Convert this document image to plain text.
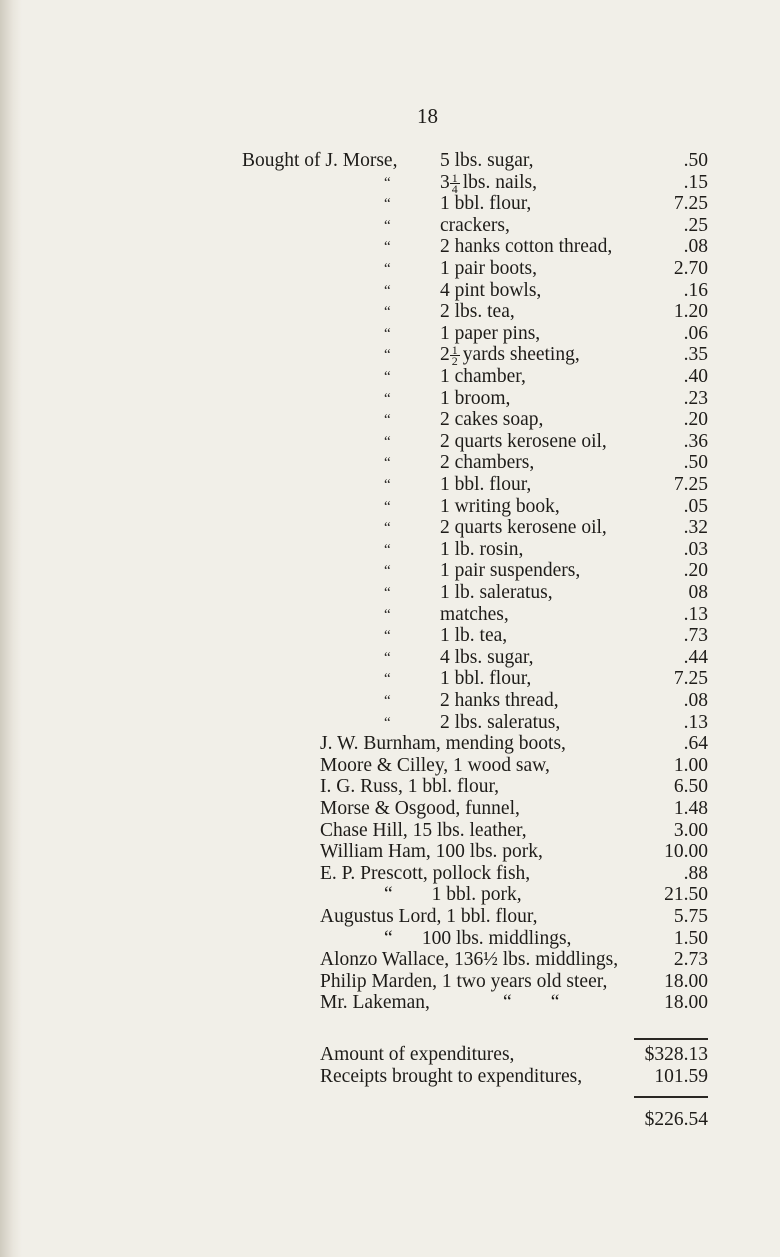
18
Amount of expenditures,	$328.13
Receipts brought to expenditures,	101.59
$226.54
Bought of J. Morse, 5 lbs. sugar,	.50
“	$3 \frac{1}{4}$ lbs. nails,	.15
“	1 bbl. flour,	7.25
“	crackers,	.25
“	2 hanks cotton thread,	.08
“	1 pair boots,	2.70
“	4 pint bowls,	.16
“	2 lbs. tea,	1.20
“	1 paper pins,	.06
“	$2 \frac{1}{2}$ yards sheeting,	.35
“	1 chamber,	.40
“	1 broom,	.23
“	2 cakes soap,	.20
“	2 quarts kerosene oil,	.36
“	2 chambers,	.50
“	1 bbl. flour,	7.25
“	1 writing book,	.05
“	2 quarts kerosene oil,	.32
“	1 lb. rosin,	.03
“	1 pair suspenders,	.20
“	1 lb. saleratus,	08
“	matches,	.13
“	1 lb. tea,	.73
“	4 lbs. sugar,	.44
“	1 bbl. flour,	7.25
“	2 hanks thread,	.08
“	2 lbs. saleratus,	.13
J. W. Burnham, mending boots,	.64
Moore & Cilley, 1 wood saw,	1.00
I. G. Russ, 1 bbl. flour,	6.50
Morse & Osgood, funnel,	1.48
Chase Hill, 15 lbs. leather,	3.00
William Ham, 100 lbs. pork,	10.00
E. P. Prescott, pollock fish,	.88
“        1 bbl. pork,	21.50
Augustus Lord, 1 bbl. flour,	5.75
“      100 lbs. middlings,	1.50
Alonzo Wallace, 136½ lbs. middlings,	2.73
Philip Marden, 1 two years old steer,	18.00
Mr. Lakeman,               “        “	18.00
